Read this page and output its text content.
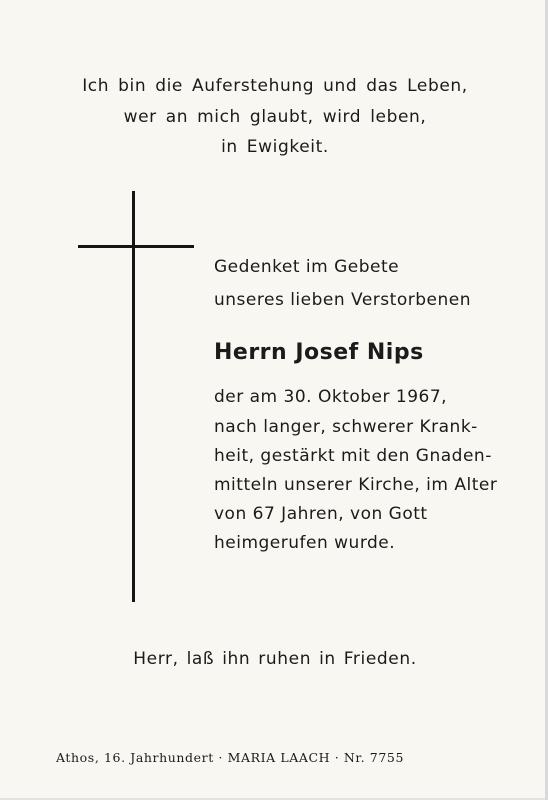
Ich bin die Auferstehung und das Leben,
wer an mich glaubt, wird leben,
in Ewigkeit.
Gedenket im Gebete
unseres lieben Verstorbenen
Herrn Josef Nips
der am 30. Oktober 1967,
nach langer, schwerer Krank-
heit, gestärkt mit den Gnaden-
mitteln unserer Kirche, im Alter
von 67 Jahren, von Gott
heimgerufen wurde.
Herr, laß ihn ruhen in Frieden.
Athos, 16. Jahrhundert · MARIA LAACH · Nr. 7755
